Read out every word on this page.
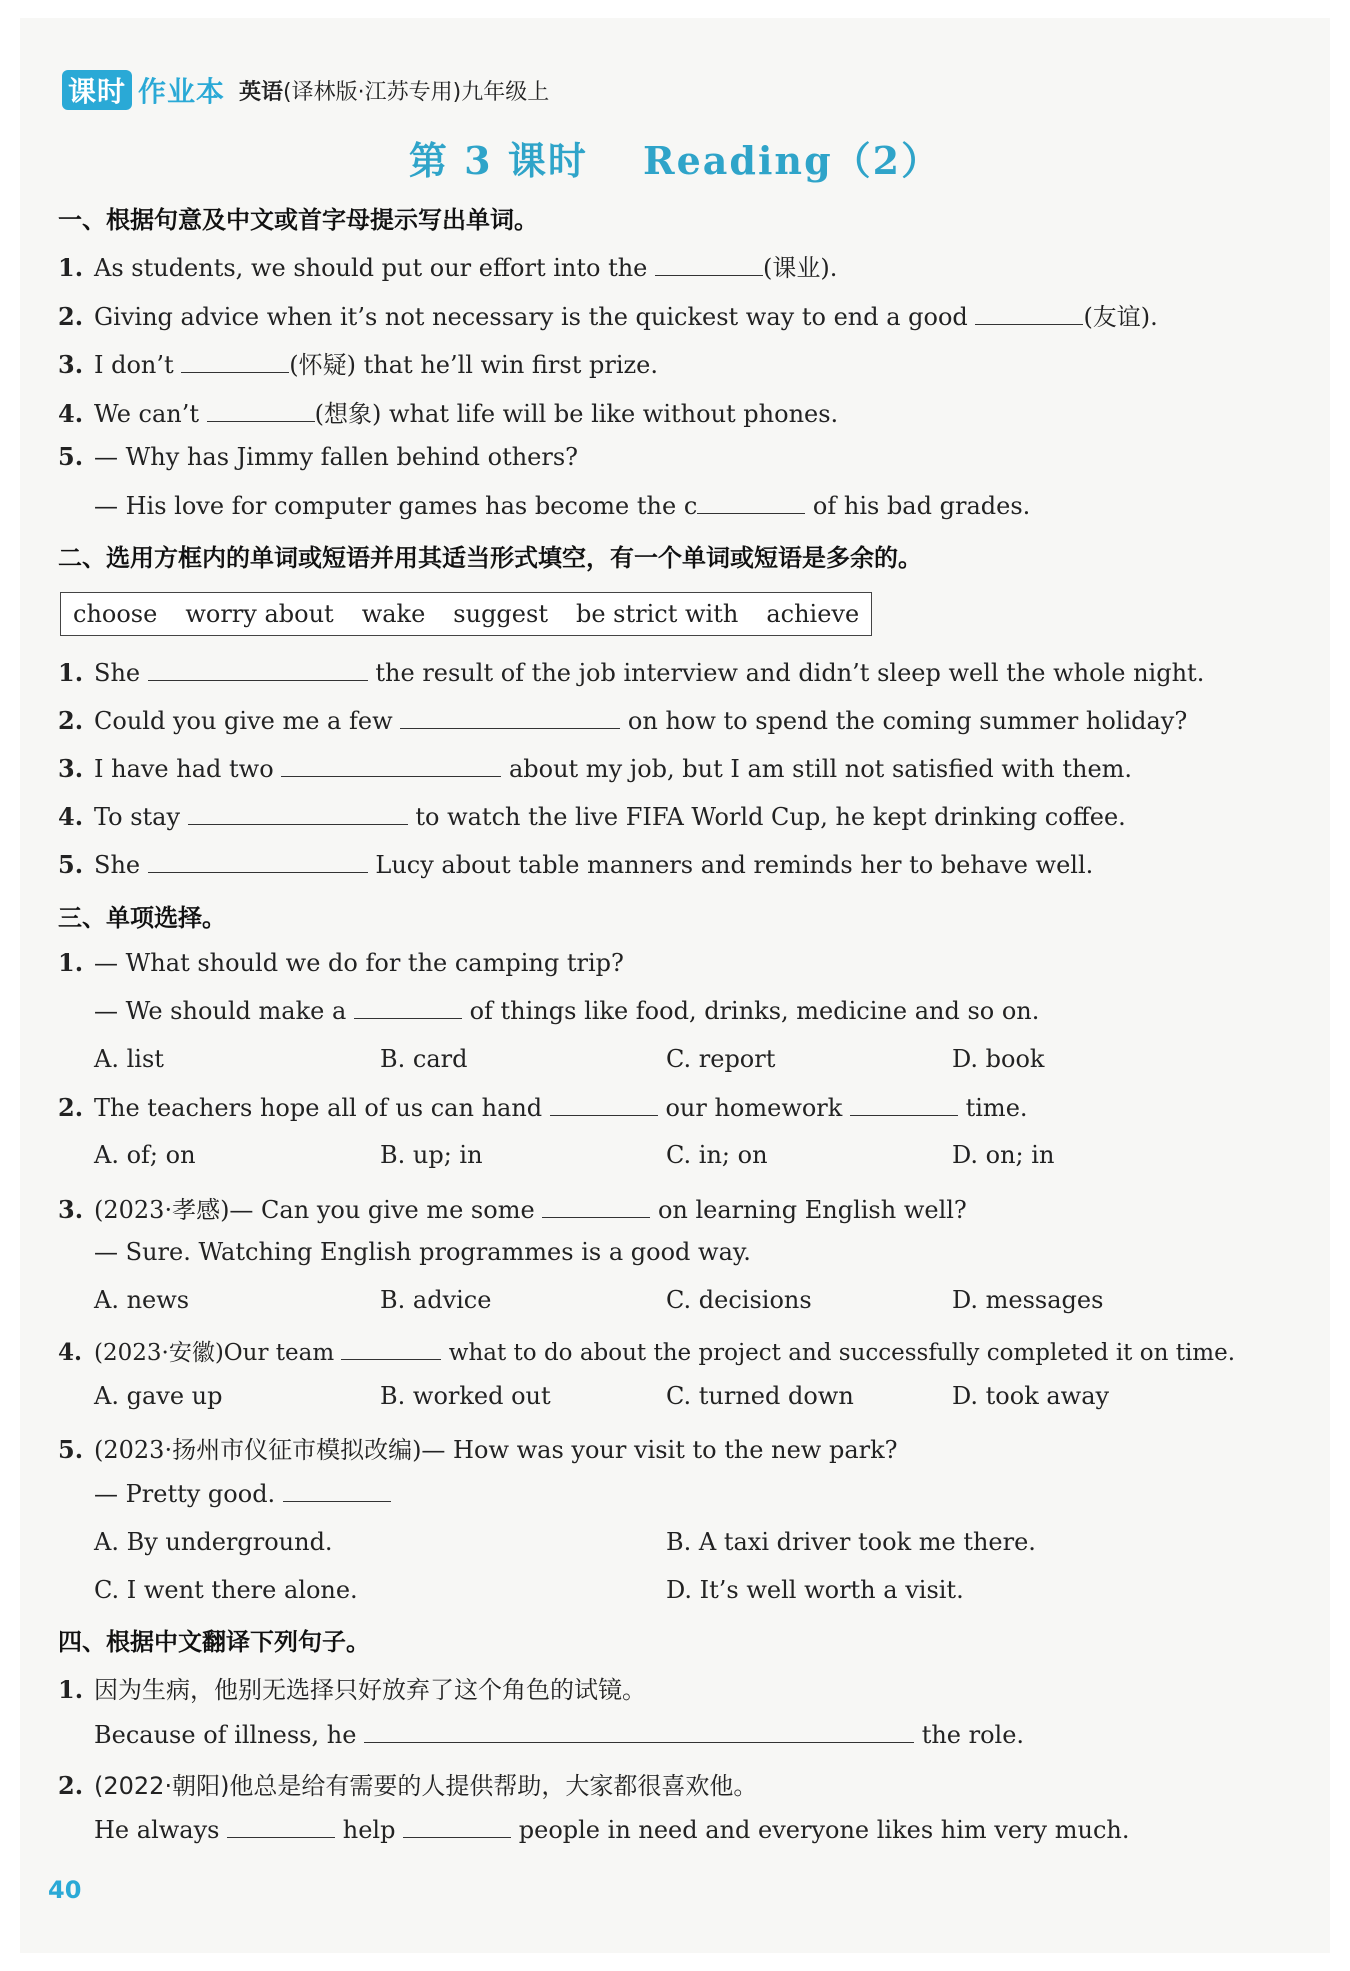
课时 作业本 英语(译林版·江苏专用)九年级上
第 3 课时　 Reading（2）
一、根据句意及中文或首字母提示写出单词。
1. As students, we should put our effort into the	(课业).
2. Giving advice when it’s not necessary is the quickest way to end a good	(友谊).
3. I don’t	(怀疑) that he’ll win first prize.
4. We can’t	(想象) what life will be like without phones.
5. — Why has Jimmy fallen behind others?
— His love for computer games has become the c	of his bad grades.
二、选用方框内的单词或短语并用其适当形式填空，有一个单词或短语是多余的。
choose worry about wake suggest be strict with achieve
1. She	the result of the job interview and didn’t sleep well the whole night.
2. Could you give me a few	on how to spend the coming summer holiday?
3. I have had two	about my job, but I am still not satisfied with them.
4. To stay	to watch the live FIFA World Cup, he kept drinking coffee.
5. She	Lucy about table manners and reminds her to behave well.
三、单项选择。
1. — What should we do for the camping trip?
— We should make a	of things like food, drinks, medicine and so on.
A. list	B. card	C. report	D. book
2. The teachers hope all of us can hand	our homework	time.
A. of; on	B. up; in	C. in; on	D. on; in
3. (2023·孝感)— Can you give me some	on learning English well?
— Sure. Watching English programmes is a good way.
A. news	B. advice	C. decisions	D. messages
4. (2023·安徽)Our team	what to do about the project and successfully completed it on time.
A. gave up	B. worked out	C. turned down	D. took away
5. (2023·扬州市仪征市模拟改编)— How was your visit to the new park?
— Pretty good.
A. By underground.	B. A taxi driver took me there.
C. I went there alone.	D. It’s well worth a visit.
四、根据中文翻译下列句子。
1. 因为生病，他别无选择只好放弃了这个角色的试镜。
Because of illness, he	the role.
2. (2022·朝阳)他总是给有需要的人提供帮助，大家都很喜欢他。
He always	help	people in need and everyone likes him very much.
40
